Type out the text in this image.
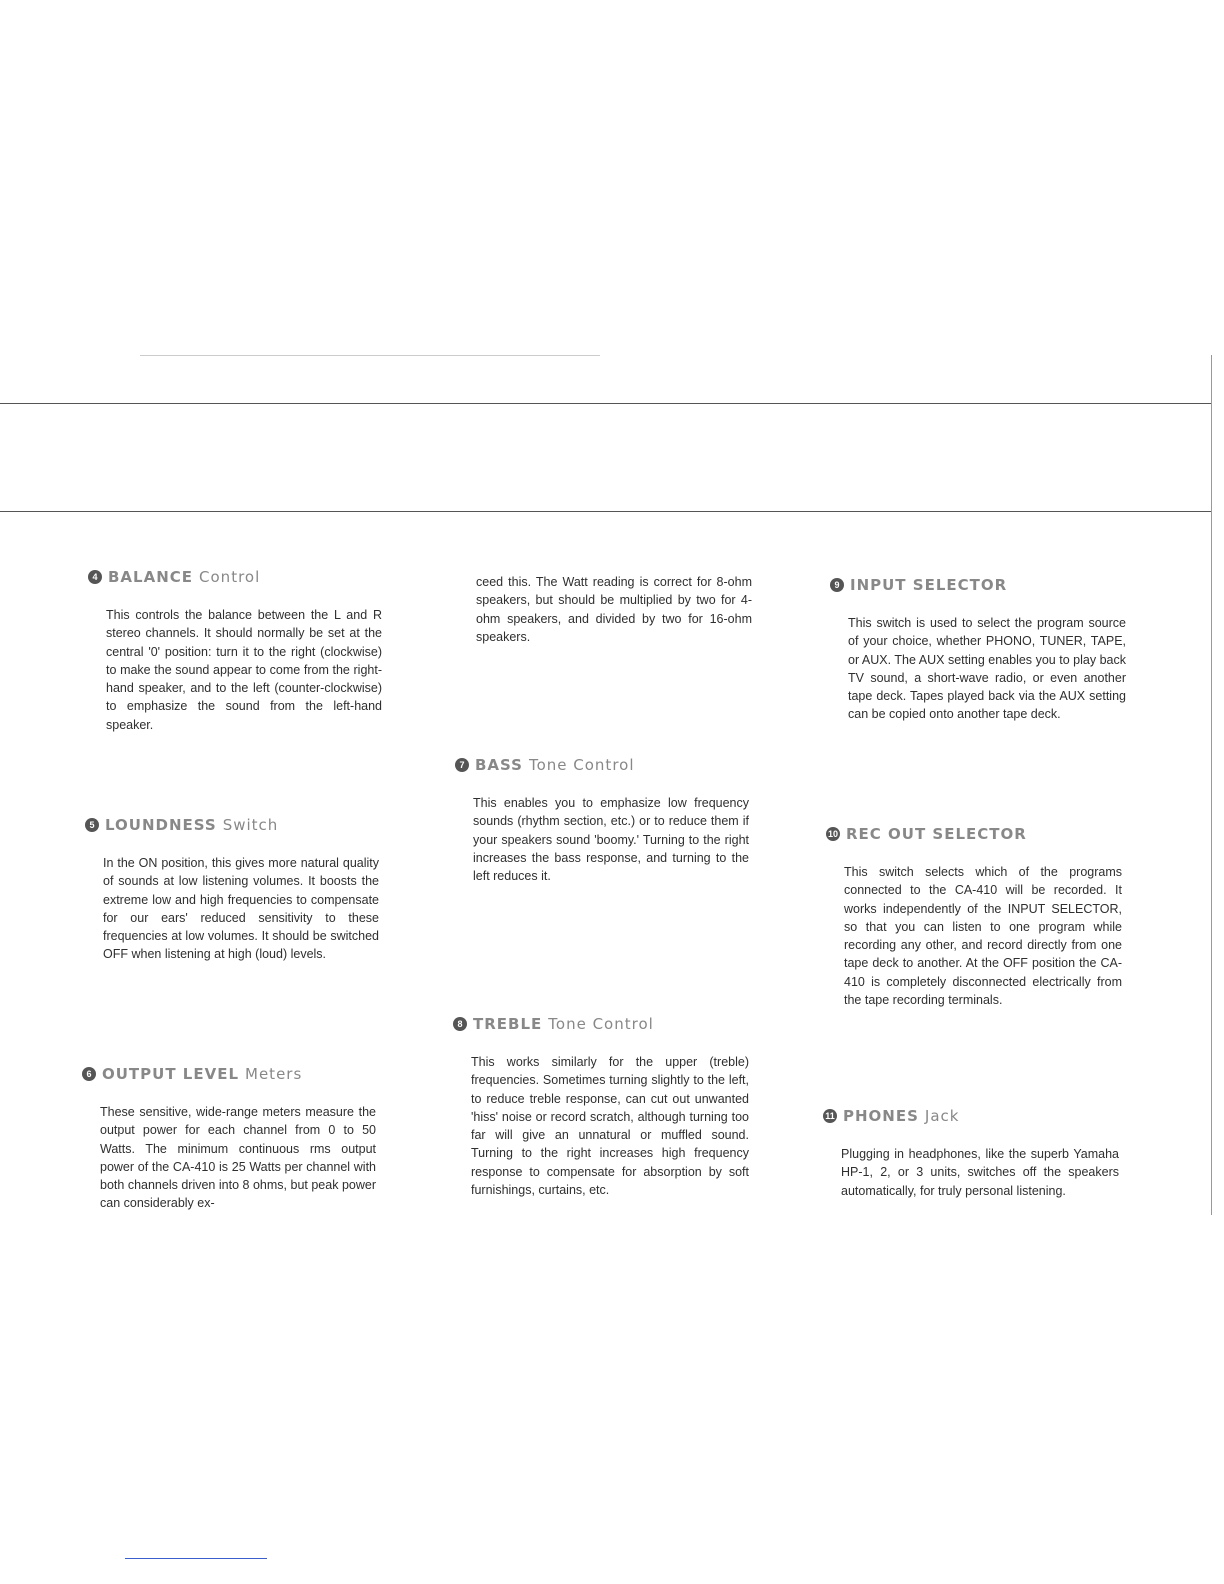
4 BALANCE Control
This controls the balance between the L and R stereo channels. It should normally be set at the central '0' position: turn it to the right (clockwise) to make the sound appear to come from the right-hand speaker, and to the left (counter-clockwise) to emphasize the sound from the left-hand speaker.
5 LOUNDNESS Switch
In the ON position, this gives more natural quality of sounds at low listening volumes. It boosts the extreme low and high frequencies to compensate for our ears' reduced sensitivity to these frequencies at low volumes. It should be switched OFF when listening at high (loud) levels.
6 OUTPUT LEVEL Meters
These sensitive, wide-range meters measure the output power for each channel from 0 to 50 Watts. The minimum continuous rms output power of the CA-410 is 25 Watts per channel with both channels driven into 8 ohms, but peak power can considerably ex-
ceed this. The Watt reading is correct for 8-ohm speakers, but should be multiplied by two for 4-ohm speakers, and divided by two for 16-ohm speakers.
7 BASS Tone Control
This enables you to emphasize low frequency sounds (rhythm section, etc.) or to reduce them if your speakers sound 'boomy.' Turning to the right increases the bass response, and turning to the left reduces it.
8 TREBLE Tone Control
This works similarly for the upper (treble) frequencies. Sometimes turning slightly to the left, to reduce treble response, can cut out unwanted 'hiss' noise or record scratch, although turning too far will give an unnatural or muffled sound. Turning to the right increases high frequency response to compensate for absorption by soft furnishings, curtains, etc.
9 INPUT SELECTOR
This switch is used to select the program source of your choice, whether PHONO, TUNER, TAPE, or AUX. The AUX setting enables you to play back TV sound, a short-wave radio, or even another tape deck. Tapes played back via the AUX setting can be copied onto another tape deck.
10 REC OUT SELECTOR
This switch selects which of the programs connected to the CA-410 will be recorded. It works independently of the INPUT SELECTOR, so that you can listen to one program while recording any other, and record directly from one tape deck to another. At the OFF position the CA-410 is completely disconnected electrically from the tape recording terminals.
11 PHONES Jack
Plugging in headphones, like the superb Yamaha HP-1, 2, or 3 units, switches off the speakers automatically, for truly personal listening.
